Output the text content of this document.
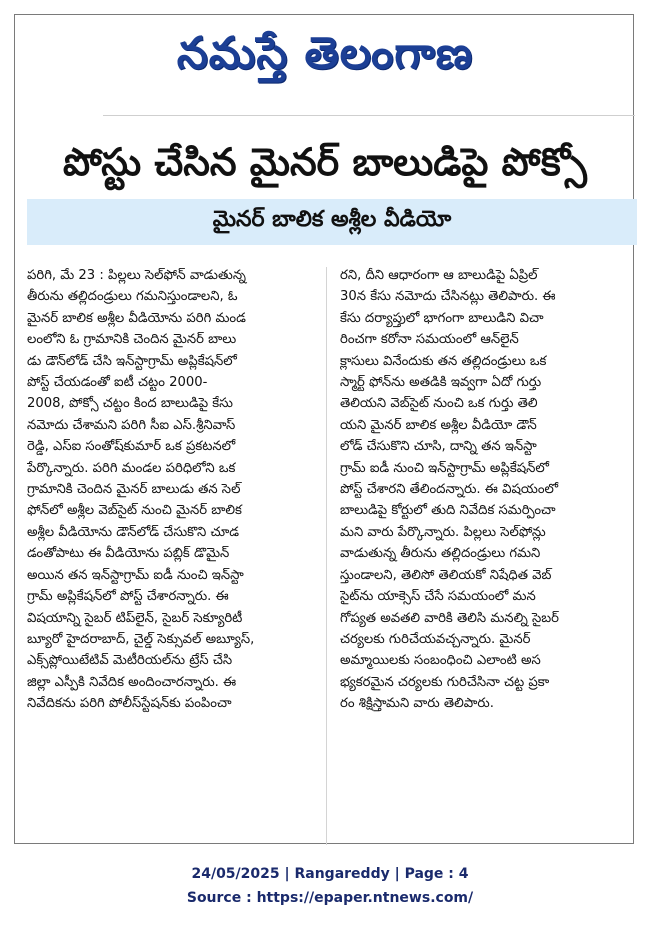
నమస్తే తెలంగాణ
పోస్టు చేసిన మైనర్ బాలుడిపై పోక్సో
మైనర్ బాలిక అశ్లీల వీడియో
పరిగి, మే 23 : పిల్లలు సెల్‌ఫోన్ వాడుతున్న
తీరును తల్లిదండ్రులు గమనిస్తుండాలని, ఓ
మైనర్ బాలిక అశ్లీల వీడియోను పరిగి మండ
లంలోని ఓ గ్రామానికి చెందిన మైనర్ బాలు
డు డౌన్‌లోడ్ చేసి ఇన్‌స్టాగ్రామ్ అప్లికేషన్‌లో
పోస్ట్ చేయడంతో ఐటీ చట్టం 2000-
2008, పోక్సో చట్టం కింద బాలుడిపై కేసు
నమోదు చేశామని పరిగి సీఐ ఎస్.శ్రీనివాస్
రెడ్డి, ఎస్ఐ సంతోష్‌కుమార్ ఒక ప్రకటనలో
పేర్కొన్నారు. పరిగి మండల పరిధిలోని ఒక
గ్రామానికి చెందిన మైనర్ బాలుడు తన సెల్
ఫోన్‌లో అశ్లీల వెబ్‌సైట్ నుంచి మైనర్ బాలిక
అశ్లీల వీడియోను డౌన్‌లోడ్ చేసుకొని చూడ
డంతోపాటు ఈ వీడియోను పబ్లిక్ డొమైన్
అయిన తన ఇన్‌స్టాగ్రామ్ ఐడీ నుంచి ఇన్‌స్టా
గ్రామ్ అప్లికేషన్‌లో పోస్ట్ చేశారన్నారు. ఈ
విషయాన్ని సైబర్ టిప్‌లైన్, సైబర్ సెక్యూరిటీ
బ్యూరో హైదరాబాద్, చైల్డ్ సెక్సువల్ అబ్యూస్,
ఎక్స్‌ప్లోయిటేటివ్ మెటీరియల్‌ను ట్రేస్ చేసి
జిల్లా ఎస్పీకి నివేదిక అందించారన్నారు. ఈ
నివేదికను పరిగి పోలీస్‌స్టేషన్‌కు పంపించా
రని, దీని ఆధారంగా ఆ బాలుడిపై ఏప్రిల్
30న కేసు నమోదు చేసినట్లు తెలిపారు. ఈ
కేసు దర్యాప్తులో భాగంగా బాలుడిని విచా
రించగా కరోనా సమయంలో ఆన్‌లైన్
క్లాసులు వినేందుకు తన తల్లిదండ్రులు ఒక
స్మార్ట్ ఫోన్‌ను అతడికి ఇవ్వగా ఏదో గుర్తు
తెలియని వెబ్‌సైట్ నుంచి ఒక గుర్తు తెలి
యని మైనర్ బాలిక అశ్లీల వీడియో డౌన్
లోడ్ చేసుకొని చూసి, దాన్ని తన ఇన్‌స్టా
గ్రామ్ ఐడీ నుంచి ఇన్‌స్టాగ్రామ్ అప్లికేషన్‌లో
పోస్ట్ చేశారని తేలిందన్నారు. ఈ విషయంలో
బాలుడిపై కోర్టులో తుది నివేదిక సమర్పించా
మని వారు పేర్కొన్నారు. పిల్లలు సెల్‌ఫోన్లు
వాడుతున్న తీరును తల్లిదండ్రులు గమని
స్తుండాలని, తెలిసో తెలియకో నిషేధిత వెబ్
సైట్‌ను యాక్సెస్ చేసే సమయంలో మన
గోప్యత అవతలి వారికి తెలిసి మనల్ని సైబర్
చర్యలకు గురిచేయవచ్చన్నారు. మైనర్
అమ్మాయిలకు సంబంధించి ఎలాంటి అస
భ్యకరమైన చర్యలకు గురిచేసినా చట్ట ప్రకా
రం శిక్షిస్తామని వారు తెలిపారు.
24/05/2025 | Rangareddy | Page : 4
Source : https://epaper.ntnews.com/
